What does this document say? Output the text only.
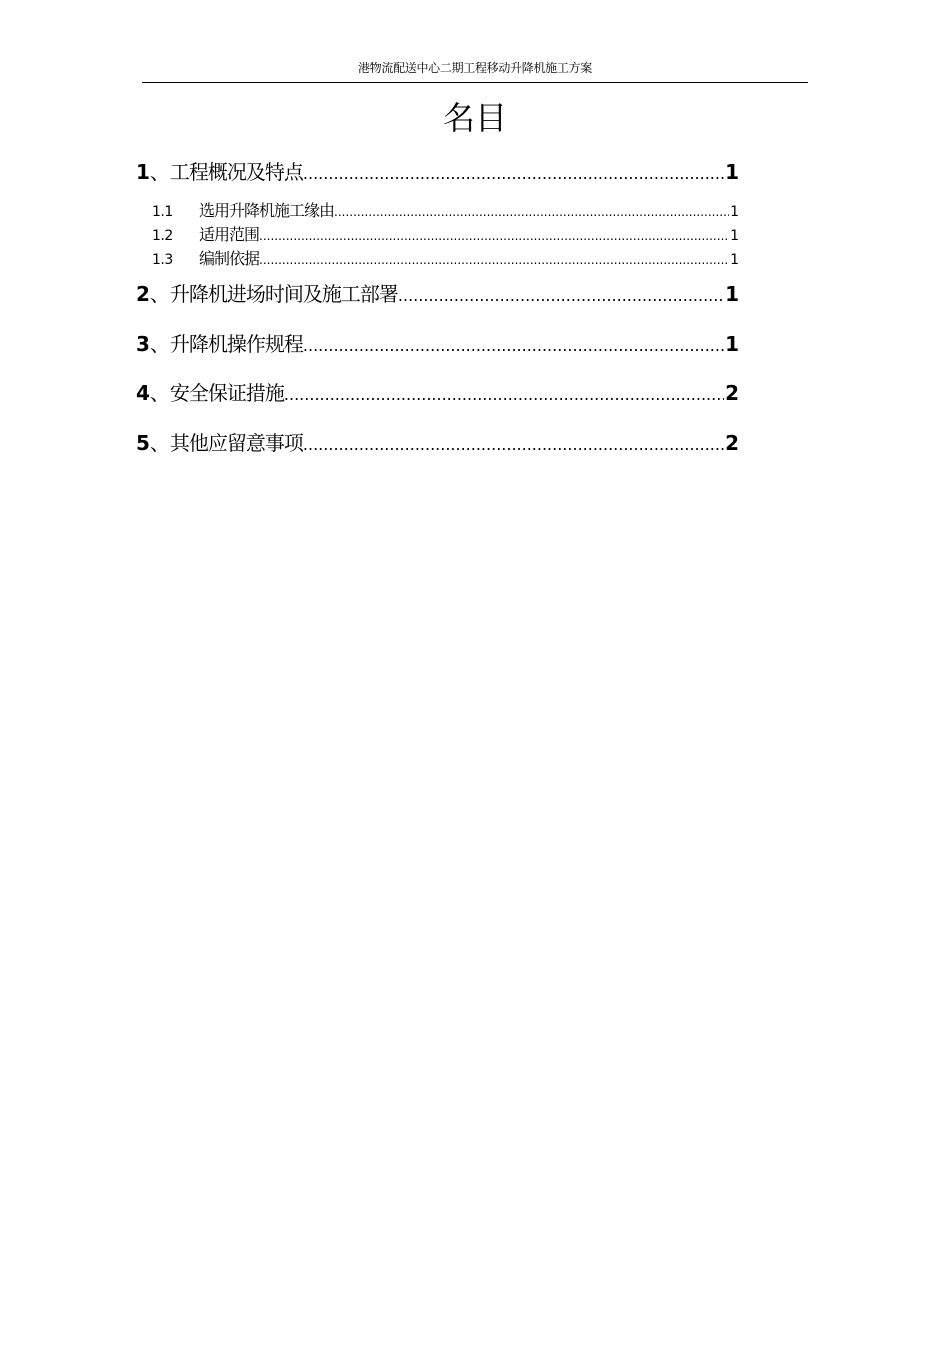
港物流配送中心二期工程移动升降机施工方案
名目
1 、 工程概况及特点 .....	1
1.1	选用升降机施工缘由 .....	1
1.2	适用范围 .....	1
1.3	编制依据 .....	1
2 、 升降机进场时间及施工部署 .....	1
3 、 升降机操作规程 .....	1
4 、 安全保证措施 .....	2
5 、 其他应留意事项 .....	2
